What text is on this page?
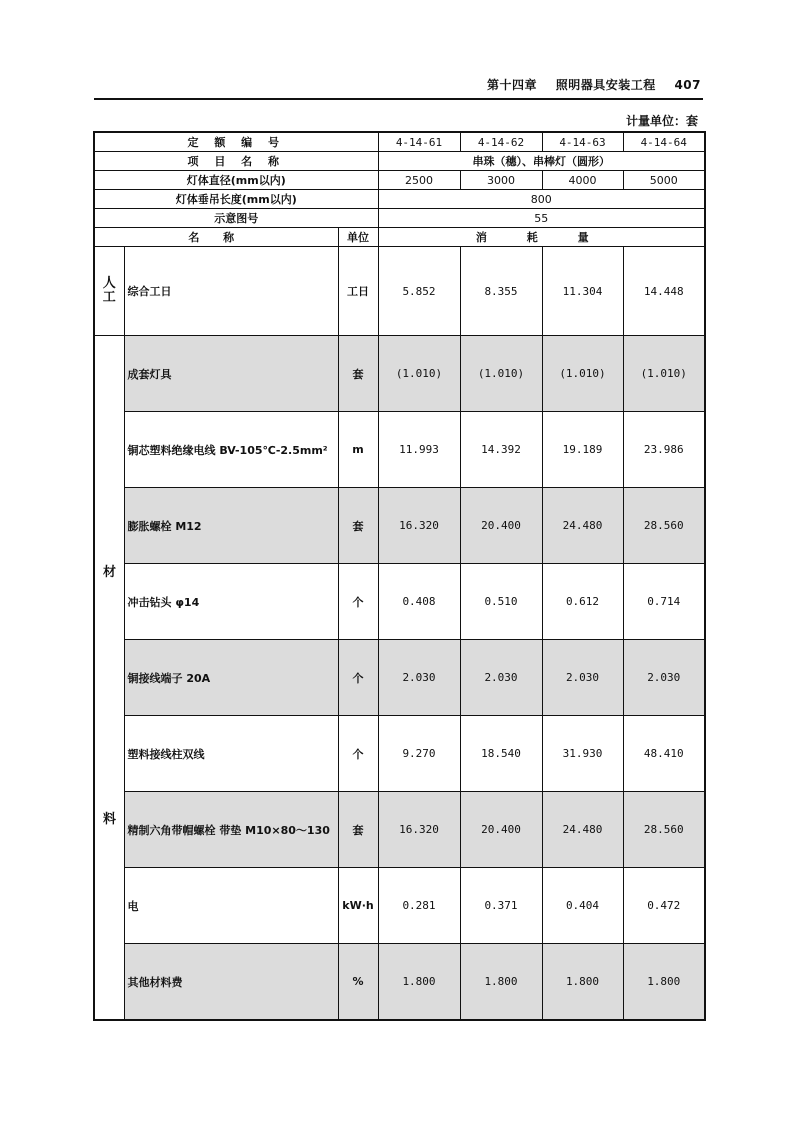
第十四章 照明器具安装工程 407
计量单位：套
定 额 编 号			4-14-61	4-14-62	4-14-63	4-14-64
项 目 名 称			串珠（穗）、串棒灯（圆形）			
灯体直径(mm以内)			2500	3000	4000	5000
灯体垂吊长度(mm以内)			800			
示意图号			55			
名 称		单位	消 耗 量			
人工	综合工日	工日	5.852	8.355	11.304	14.448

材
料	成套灯具	套	(1.010)	(1.010)	(1.010)	(1.010)
	铜芯塑料绝缘电线 BV-105℃-2.5mm²	m	11.993	14.392	19.189	23.986
	膨胀螺栓 M12	套	16.320	20.400	24.480	28.560
	冲击钻头 φ14	个	0.408	0.510	0.612	0.714
	铜接线端子 20A	个	2.030	2.030	2.030	2.030
	塑料接线柱双线	个	9.270	18.540	31.930	48.410
	精制六角带帽螺栓 带垫 M10×80～130	套	16.320	20.400	24.480	28.560
	电	kW·h	0.281	0.371	0.404	0.472
	其他材料费	%	1.800	1.800	1.800	1.800
